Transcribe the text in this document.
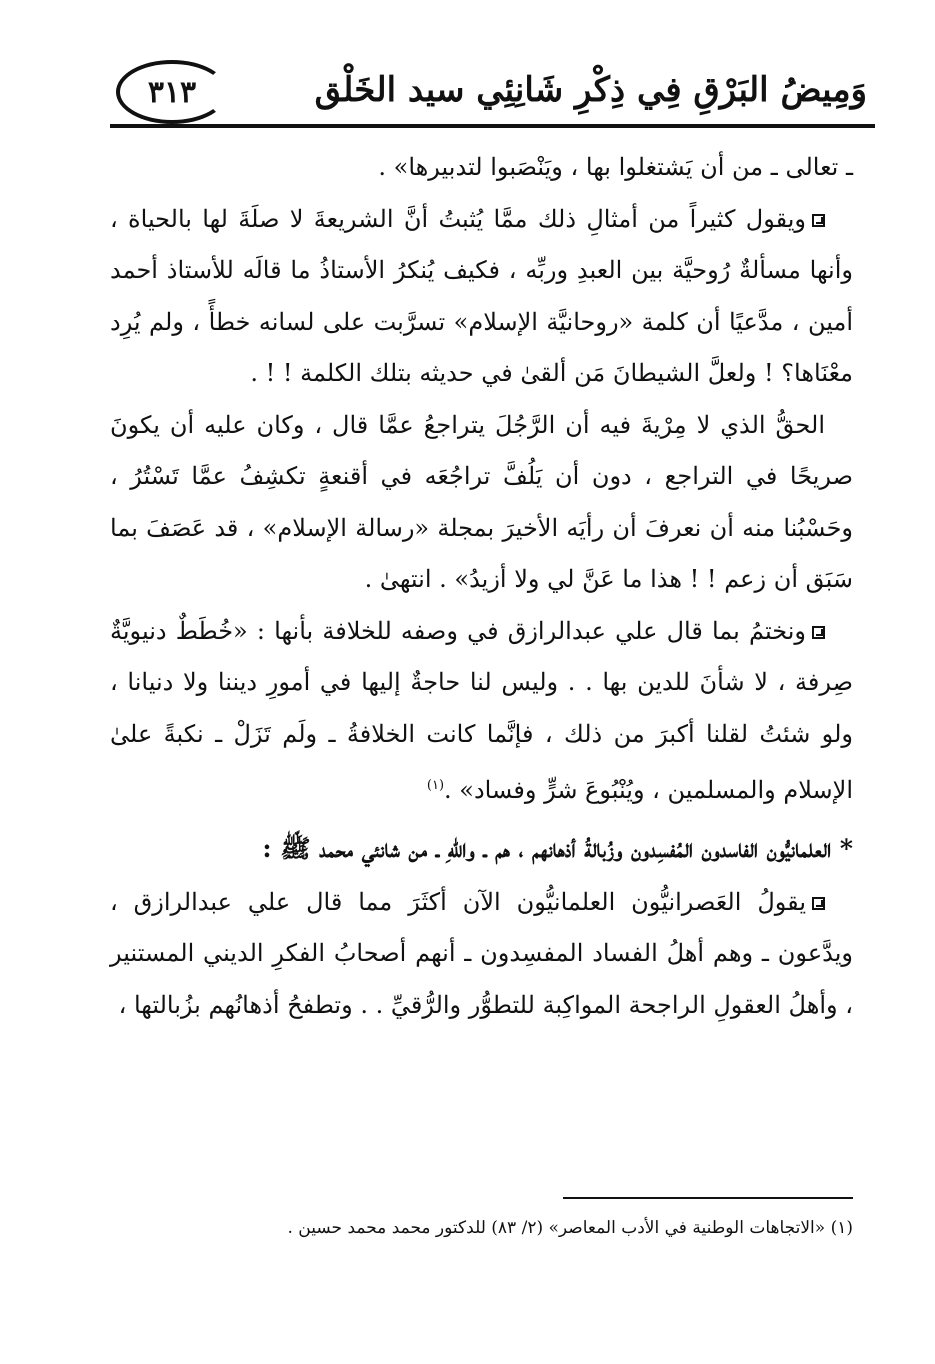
٣١٣	وَمِيضُ البَرْقِ فِي ذِكْرِ شَانِئِي سيد الخَلْق

ـ تعالى ـ من أن يَشتغلوا بها ، ويَنْصَبوا لتدبيرها» .

ويقول كثيراً من أمثالِ ذلك ممَّا يُثبتُ أنَّ الشريعةَ لا صلَةَ لها بالحياة ، وأنها مسألةٌ رُوحيَّة بين العبدِ وربِّه ، فكيف يُنكرُ الأستاذُ ما قالَه للأستاذ أحمد أمين ، مدَّعيًا أن كلمة «روحانيَّة الإسلام» تسرَّبت على لسانه خطأً ، ولم يُرِد معْنَاها؟ ! ولعلَّ الشيطانَ مَن ألقىٰ في حديثه بتلك الكلمة ! ! .

الحقُّ الذي لا مِرْيةَ فيه أن الرَّجُلَ يتراجعُ عمَّا قال ، وكان عليه أن يكونَ صريحًا في التراجع ، دون أن يَلُفَّ تراجُعَه في أقنعةٍ تكشِفُ عمَّا تَسْتُرُ ، وحَسْبُنا منه أن نعرفَ أن رأيَه الأخيرَ بمجلة «رسالة الإسلام» ، قد عَصَفَ بما سَبَق أن زعم ! ! هذا ما عَنَّ لي ولا أزيدُ» . انتهىٰ .

ونختمُ بما قال علي عبدالرازق في وصفه للخلافة بأنها : «خُطَطٌ دنيويَّةٌ صِرفة ، لا شأنَ للدين بها . . وليس لنا حاجةٌ إليها في أمورِ ديننا ولا دنيانا ، ولو شئتُ لقلنا أكبرَ من ذلك ، فإنَّما كانت الخلافةُ ـ ولَم تَزَلْ ـ نكبةً علىٰ الإسلام والمسلمين ، ويُنْبُوعَ شرٍّ وفساد» .$^{(١)}$

* العلمانيُّون الفاسدون المُفسِدون وزُبالةُ أذهانهم ، هم ـ واللهِ ـ من شانئي محمد ﷺ :

يقولُ العَصرانيُّون العلمانيُّون الآن أكثَرَ مما قال علي عبدالرازق ، ويدَّعون ـ وهم أهلُ الفساد المفسِدون ـ أنهم أصحابُ الفكرِ الديني المستنير ، وأهلُ العقولِ الراجحة المواكِبة للتطوُّر والرُّقيِّ . . وتطفحُ أذهانُهم بزُبالتها ،

(١) «الاتجاهات الوطنية في الأدب المعاصر» (٢/ ٨٣) للدكتور محمد محمد حسين .
